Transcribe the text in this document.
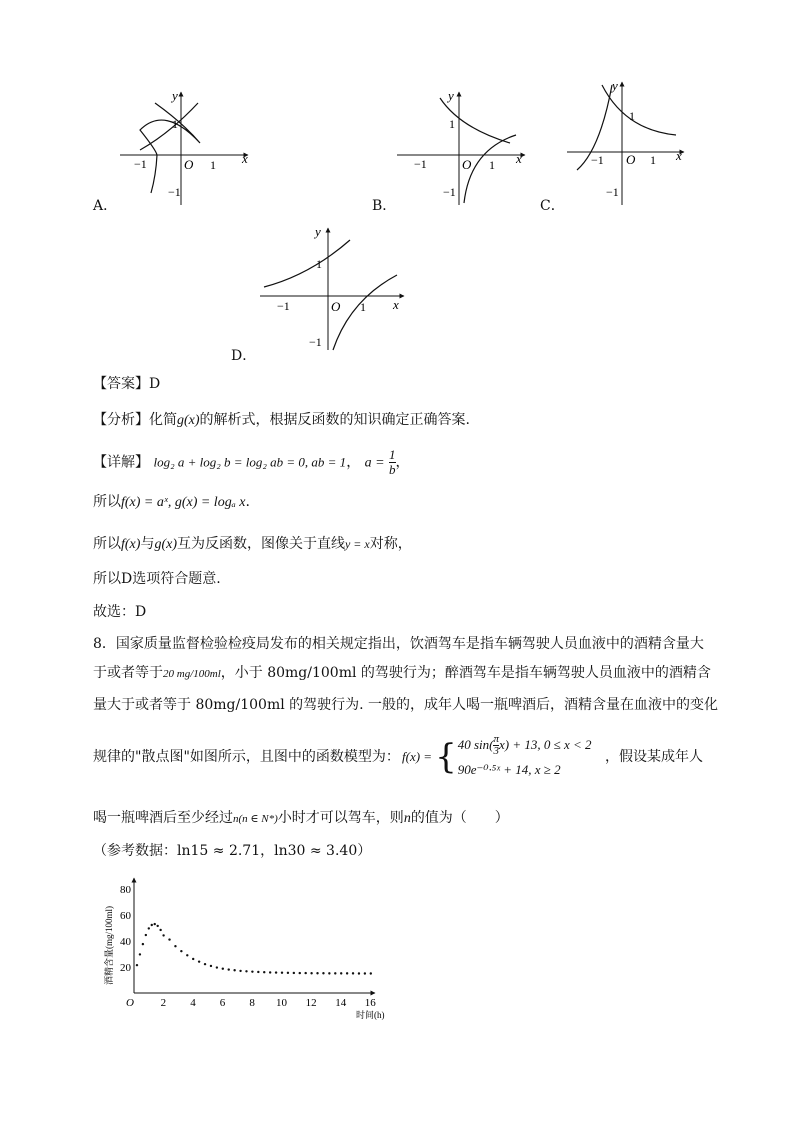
y
x
1
−1	O 1
−1
y
x
1
−1	O 1
−1
y
x
1
−1 O 1
−1
A．	B．	C．
y
x
1
−1	O 1
−1
D．
【答案】D
【分析】化简g(x)的解析式，根据反函数的知识确定正确答案.
【详解】 log₂ a + log₂ b = log₂ ab = 0, ab = 1， $a = \frac{1}{b}$ ，
所以f(x) = aˣ, g(x) = logₐ x.
所以f(x)与g(x)互为反函数，图像关于直线y = x对称，
所以D选项符合题意.
故选：D
8．国家质量监督检验检疫局发布的相关规定指出，饮酒驾车是指车辆驾驶人员血液中的酒精含量大
于或者等于20 mg/100ml，小于 80mg/100ml 的驾驶行为；醉酒驾车是指车辆驾驶人员血液中的酒精含
量大于或者等于 80mg/100ml 的驾驶行为. 一般的，成年人喝一瓶啤酒后，酒精含量在血液中的变化
规律的"散点图"如图所示，且图中的函数模型为： f(x) = { 40 $\sin( \frac{\pi}{3} x) + 13$, 0 ≤ x < 2
90e⁻⁰·⁵ˣ + 14, x ≥ 2
，假设某成年人
喝一瓶啤酒后至少经过n(n ∈ N*)小时才可以驾车，则n的值为（　　）
（参考数据：ln15 ≈ 2.71，ln30 ≈ 3.40）
酒精含量(mg/100ml)
时间(h)
O 2 4 6 8 10 12 14 16
20
40
60
80
